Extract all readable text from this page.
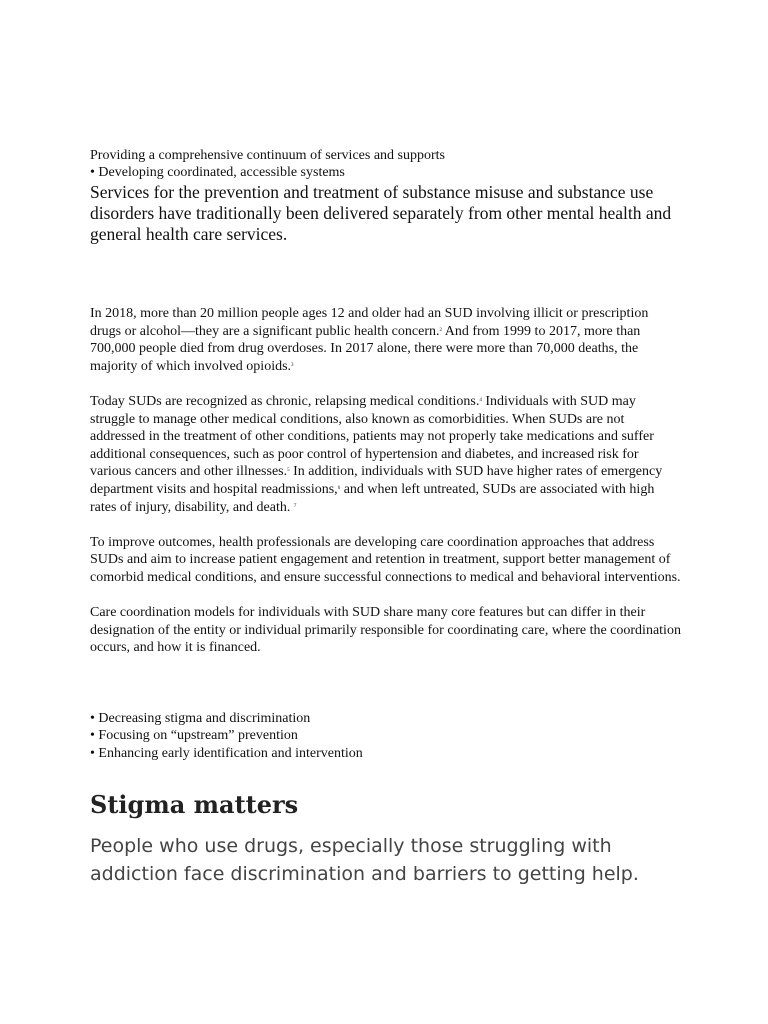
Providing a comprehensive continuum of services and supports

• Developing coordinated, accessible systems

Services for the prevention and treatment of substance misuse and substance use disorders have traditionally been delivered separately from other mental health and general health care services.

In 2018, more than 20 million people ages 12 and older had an SUD involving illicit or prescription drugs or alcohol—they are a significant public health concern.$^2$ And from 1999 to 2017, more than 700,000 people died from drug overdoses. In 2017 alone, there were more than 70,000 deaths, the majority of which involved opioids.$^3$

Today SUDs are recognized as chronic, relapsing medical conditions.$^4$ Individuals with SUD may struggle to manage other medical conditions, also known as comorbidities. When SUDs are not addressed in the treatment of other conditions, patients may not properly take medications and suffer additional consequences, such as poor control of hypertension and diabetes, and increased risk for various cancers and other illnesses.$^5$ In addition, individuals with SUD have higher rates of emergency department visits and hospital readmissions,$^6$ and when left untreated, SUDs are associated with high rates of injury, disability, and death. $^7$

To improve outcomes, health professionals are developing care coordination approaches that address SUDs and aim to increase patient engagement and retention in treatment, support better management of comorbid medical conditions, and ensure successful connections to medical and behavioral interventions.

Care coordination models for individuals with SUD share many core features but can differ in their designation of the entity or individual primarily responsible for coordinating care, where the coordination occurs, and how it is financed.

• Decreasing stigma and discrimination
• Focusing on “upstream” prevention
• Enhancing early identification and intervention
Stigma matters

People who use drugs, especially those struggling with addiction face discrimination and barriers to getting help.
